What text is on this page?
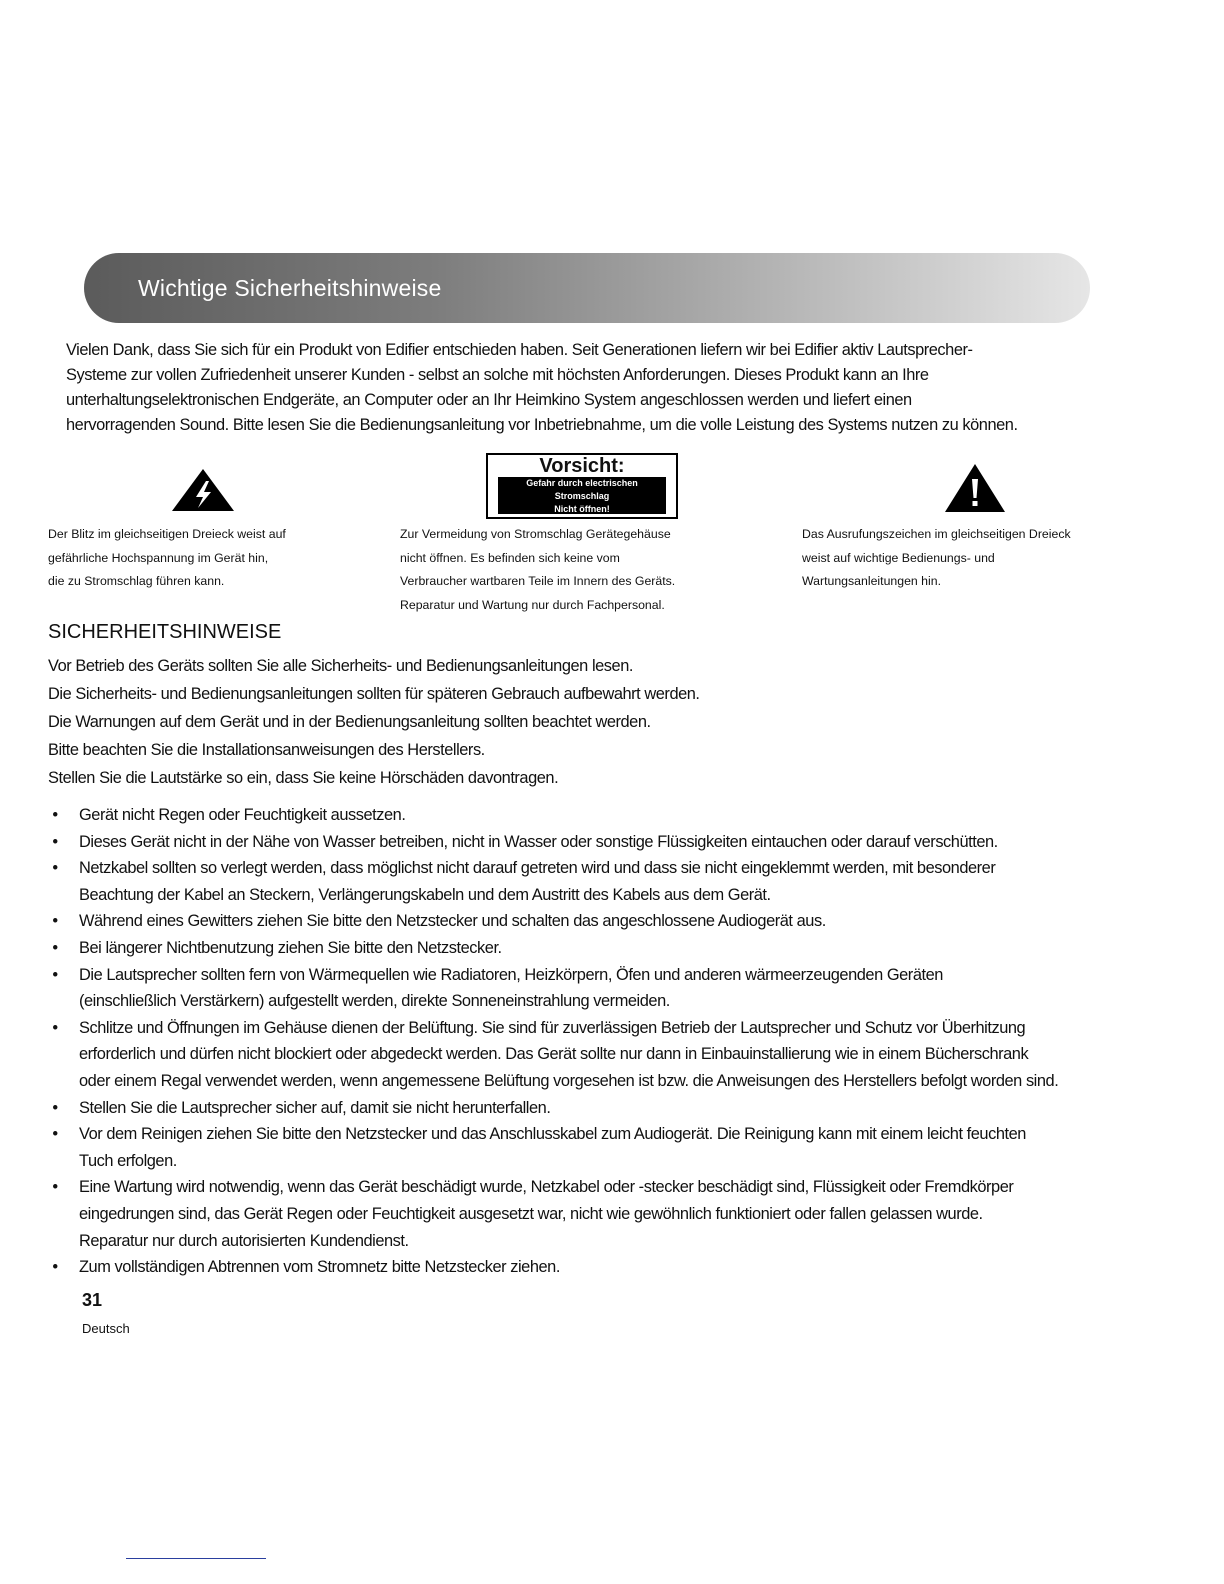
Wichtige Sicherheitshinweise
Vielen Dank, dass Sie sich für ein Produkt von Edifier entschieden haben. Seit Generationen liefern wir bei Edifier aktiv Lautsprecher-
Systeme zur vollen Zufriedenheit unserer Kunden - selbst an solche mit höchsten Anforderungen. Dieses Produkt kann an Ihre
unterhaltungselektronischen Endgeräte, an Computer oder an Ihr Heimkino System angeschlossen werden und liefert einen
hervorragenden Sound. Bitte lesen Sie die Bedienungsanleitung vor Inbetriebnahme, um die volle Leistung des Systems nutzen zu können.
Vorsicht:
Gefahr durch electrischen
Stromschlag
Nicht öffnen!
Der Blitz im gleichseitigen Dreieck weist auf
gefährliche Hochspannung im Gerät hin,
die zu Stromschlag führen kann.
Zur Vermeidung von Stromschlag Gerätegehäuse
nicht öffnen. Es befinden sich keine vom
Verbraucher wartbaren Teile im Innern des Geräts.
Reparatur und Wartung nur durch Fachpersonal.
Das Ausrufungszeichen im gleichseitigen Dreieck
weist auf wichtige Bedienungs- und
Wartungsanleitungen hin.
SICHERHEITSHINWEISE
Vor Betrieb des Geräts sollten Sie alle Sicherheits- und Bedienungsanleitungen lesen.
Die Sicherheits- und Bedienungsanleitungen sollten für späteren Gebrauch aufbewahrt werden.
Die Warnungen auf dem Gerät und in der Bedienungsanleitung sollten beachtet werden.
Bitte beachten Sie die Installationsanweisungen des Herstellers.
Stellen Sie die Lautstärke so ein, dass Sie keine Hörschäden davontragen.
• Gerät nicht Regen oder Feuchtigkeit aussetzen.
• Dieses Gerät nicht in der Nähe von Wasser betreiben, nicht in Wasser oder sonstige Flüssigkeiten eintauchen oder darauf verschütten.
• Netzkabel sollten so verlegt werden, dass möglichst nicht darauf getreten wird und dass sie nicht eingeklemmt werden, mit besonderer
Beachtung der Kabel an Steckern, Verlängerungskabeln und dem Austritt des Kabels aus dem Gerät.
• Während eines Gewitters ziehen Sie bitte den Netzstecker und schalten das angeschlossene Audiogerät aus.
• Bei längerer Nichtbenutzung ziehen Sie bitte den Netzstecker.
• Die Lautsprecher sollten fern von Wärmequellen wie Radiatoren, Heizkörpern, Öfen und anderen wärmeerzeugenden Geräten
(einschließlich Verstärkern) aufgestellt werden, direkte Sonneneinstrahlung vermeiden.
• Schlitze und Öffnungen im Gehäuse dienen der Belüftung. Sie sind für zuverlässigen Betrieb der Lautsprecher und Schutz vor Überhitzung
erforderlich und dürfen nicht blockiert oder abgedeckt werden. Das Gerät sollte nur dann in Einbauinstallierung wie in einem Bücherschrank
oder einem Regal verwendet werden, wenn angemessene Belüftung vorgesehen ist bzw. die Anweisungen des Herstellers befolgt worden sind.
• Stellen Sie die Lautsprecher sicher auf, damit sie nicht herunterfallen.
• Vor dem Reinigen ziehen Sie bitte den Netzstecker und das Anschlusskabel zum Audiogerät. Die Reinigung kann mit einem leicht feuchten
Tuch erfolgen.
• Eine Wartung wird notwendig, wenn das Gerät beschädigt wurde, Netzkabel oder -stecker beschädigt sind, Flüssigkeit oder Fremdkörper
eingedrungen sind, das Gerät Regen oder Feuchtigkeit ausgesetzt war, nicht wie gewöhnlich funktioniert oder fallen gelassen wurde.
Reparatur nur durch autorisierten Kundendienst.
• Zum vollständigen Abtrennen vom Stromnetz bitte Netzstecker ziehen.
31
Deutsch
